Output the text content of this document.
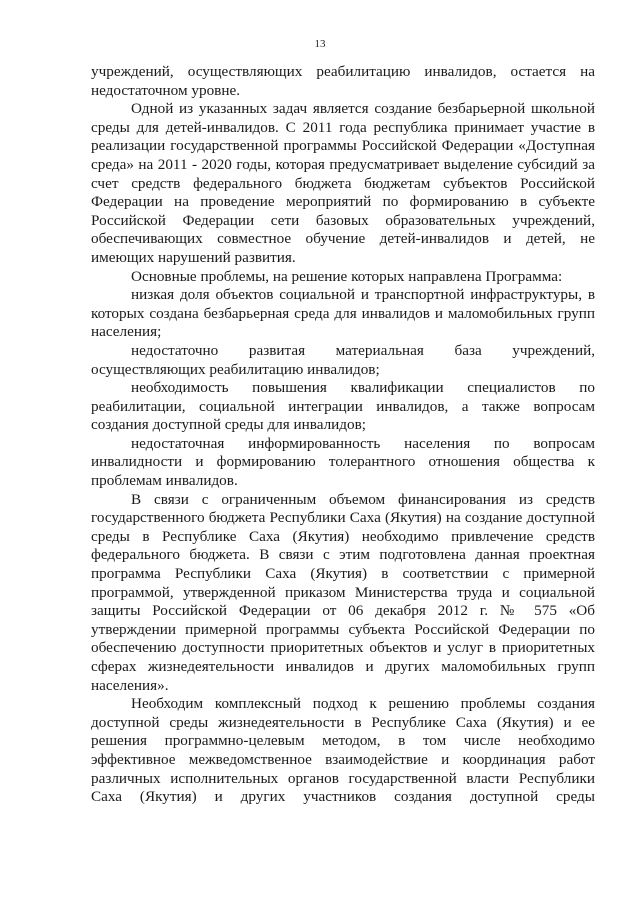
13

учреждений, осуществляющих реабилитацию инвалидов, остается на недостаточном уровне.

Одной из указанных задач является создание безбарьерной школьной среды для детей-инвалидов. С 2011 года республика принимает участие в реализации государственной программы Российской Федерации «Доступная среда» на 2011 - 2020 годы, которая предусматривает выделение субсидий за счет средств федерального бюджета бюджетам субъектов Российской Федерации на проведение мероприятий по формированию в субъекте Российской Федерации сети базовых образовательных учреждений, обеспечивающих совместное обучение детей-инвалидов и детей, не имеющих нарушений развития.

Основные проблемы, на решение которых направлена Программа:

низкая доля объектов социальной и транспортной инфраструктуры, в которых создана безбарьерная среда для инвалидов и маломобильных групп населения;

недостаточно развитая материальная база учреждений, осуществляющих реабилитацию инвалидов;

необходимость повышения квалификации специалистов по реабилитации, социальной интеграции инвалидов, а также вопросам создания доступной среды для инвалидов;

недостаточная информированность населения по вопросам инвалидности и формированию толерантного отношения общества к проблемам инвалидов.

В связи с ограниченным объемом финансирования из средств государственного бюджета Республики Саха (Якутия) на создание доступной среды в Республике Саха (Якутия) необходимо привлечение средств федерального бюджета. В связи с этим подготовлена данная проектная программа Республики Саха (Якутия) в соответствии с примерной программой, утвержденной приказом Министерства труда и социальной защиты Российской Федерации от 06 декабря 2012 г. № 575 «Об утверждении примерной программы субъекта Российской Федерации по обеспечению доступности приоритетных объектов и услуг в приоритетных сферах жизнедеятельности инвалидов и других маломобильных групп населения».

Необходим комплексный подход к решению проблемы создания доступной среды жизнедеятельности в Республике Саха (Якутия) и ее решения программно-целевым методом, в том числе необходимо эффективное межведомственное взаимодействие и координация работ различных исполнительных органов государственной власти Республики Саха (Якутия) и других участников создания доступной среды
